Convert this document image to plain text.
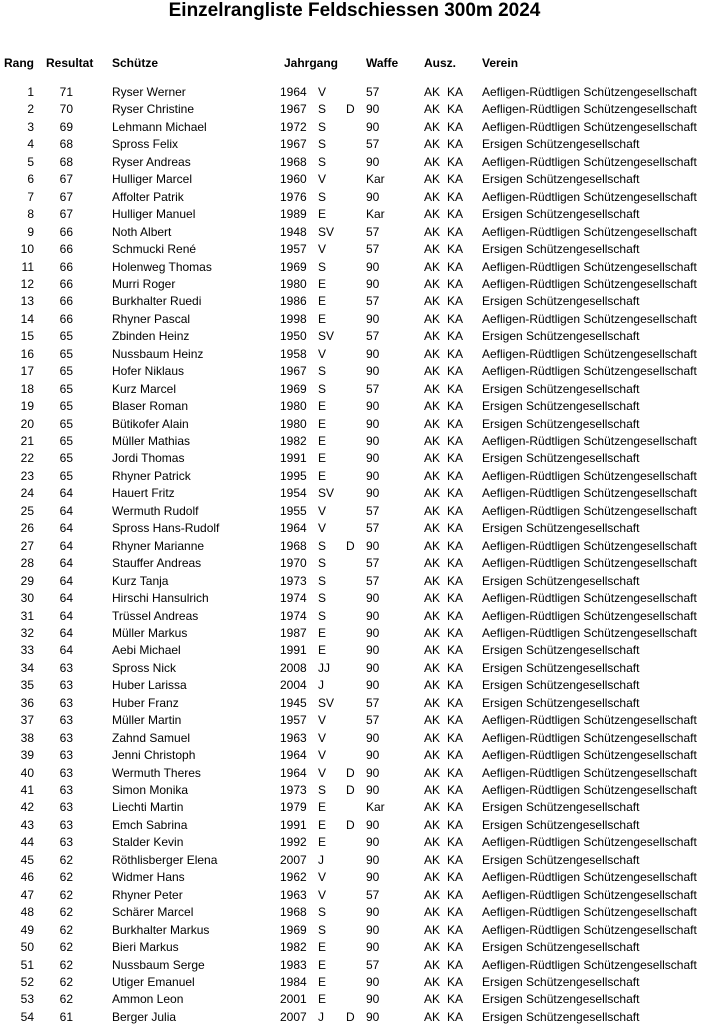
Einzelrangliste Feldschiessen 300m 2024
Rang Resultat Schütze	Jahrgang Waffe Ausz. Verein
1 71	Ryser Werner	1964 V	57	AK KA Aefligen-Rüdtligen Schützengesellschaft
2 70	Ryser Christine	1967 S D 90	AK KA Aefligen-Rüdtligen Schützengesellschaft
3 69	Lehmann Michael	1972 S	90	AK KA Aefligen-Rüdtligen Schützengesellschaft
4 68	Spross Felix	1967 S	57	AK KA Ersigen Schützengesellschaft
5 68	Ryser Andreas	1968 S	90	AK KA Aefligen-Rüdtligen Schützengesellschaft
6 67	Hulliger Marcel	1960 V	Kar	AK KA Ersigen Schützengesellschaft
7 67	Affolter Patrik	1976 S	90	AK KA Aefligen-Rüdtligen Schützengesellschaft
8 67	Hulliger Manuel	1989 E	Kar	AK KA Ersigen Schützengesellschaft
9 66	Noth Albert	1948 SV	57	AK KA Aefligen-Rüdtligen Schützengesellschaft
10 66	Schmucki René	1957 V	57	AK KA Ersigen Schützengesellschaft
11 66	Holenweg Thomas	1969 S	90	AK KA Aefligen-Rüdtligen Schützengesellschaft
12 66	Murri Roger	1980 E	90	AK KA Aefligen-Rüdtligen Schützengesellschaft
13 66	Burkhalter Ruedi	1986 E	57	AK KA Ersigen Schützengesellschaft
14 66	Rhyner Pascal	1998 E	90	AK KA Aefligen-Rüdtligen Schützengesellschaft
15 65	Zbinden Heinz	1950 SV	57	AK KA Ersigen Schützengesellschaft
16 65	Nussbaum Heinz	1958 V	90	AK KA Aefligen-Rüdtligen Schützengesellschaft
17 65	Hofer Niklaus	1967 S	90	AK KA Aefligen-Rüdtligen Schützengesellschaft
18 65	Kurz Marcel	1969 S	57	AK KA Ersigen Schützengesellschaft
19 65	Blaser Roman	1980 E	90	AK KA Ersigen Schützengesellschaft
20 65	Bütikofer Alain	1980 E	90	AK KA Ersigen Schützengesellschaft
21 65	Müller Mathias	1982 E	90	AK KA Aefligen-Rüdtligen Schützengesellschaft
22 65	Jordi Thomas	1991 E	90	AK KA Ersigen Schützengesellschaft
23 65	Rhyner Patrick	1995 E	90	AK KA Aefligen-Rüdtligen Schützengesellschaft
24 64	Hauert Fritz	1954 SV	90	AK KA Aefligen-Rüdtligen Schützengesellschaft
25 64	Wermuth Rudolf	1955 V	57	AK KA Aefligen-Rüdtligen Schützengesellschaft
26 64	Spross Hans-Rudolf	1964 V	57	AK KA Ersigen Schützengesellschaft
27 64	Rhyner Marianne	1968 S D 90	AK KA Aefligen-Rüdtligen Schützengesellschaft
28 64	Stauffer Andreas	1970 S	57	AK KA Aefligen-Rüdtligen Schützengesellschaft
29 64	Kurz Tanja	1973 S	57	AK KA Ersigen Schützengesellschaft
30 64	Hirschi Hansulrich	1974 S	90	AK KA Aefligen-Rüdtligen Schützengesellschaft
31 64	Trüssel Andreas	1974 S	90	AK KA Aefligen-Rüdtligen Schützengesellschaft
32 64	Müller Markus	1987 E	90	AK KA Aefligen-Rüdtligen Schützengesellschaft
33 64	Aebi Michael	1991 E	90	AK KA Ersigen Schützengesellschaft
34 63	Spross Nick	2008 JJ	90	AK KA Ersigen Schützengesellschaft
35 63	Huber Larissa	2004 J	90	AK KA Ersigen Schützengesellschaft
36 63	Huber Franz	1945 SV	57	AK KA Ersigen Schützengesellschaft
37 63	Müller Martin	1957 V	57	AK KA Aefligen-Rüdtligen Schützengesellschaft
38 63	Zahnd Samuel	1963 V	90	AK KA Aefligen-Rüdtligen Schützengesellschaft
39 63	Jenni Christoph	1964 V	90	AK KA Aefligen-Rüdtligen Schützengesellschaft
40 63	Wermuth Theres	1964 V D 90	AK KA Aefligen-Rüdtligen Schützengesellschaft
41 63	Simon Monika	1973 S D 90	AK KA Aefligen-Rüdtligen Schützengesellschaft
42 63	Liechti Martin	1979 E	Kar	AK KA Ersigen Schützengesellschaft
43 63	Emch Sabrina	1991 E D 90	AK KA Ersigen Schützengesellschaft
44 63	Stalder Kevin	1992 E	90	AK KA Aefligen-Rüdtligen Schützengesellschaft
45 62	Röthlisberger Elena	2007 J	90	AK KA Ersigen Schützengesellschaft
46 62	Widmer Hans	1962 V	90	AK KA Aefligen-Rüdtligen Schützengesellschaft
47 62	Rhyner Peter	1963 V	57	AK KA Aefligen-Rüdtligen Schützengesellschaft
48 62	Schärer Marcel	1968 S	90	AK KA Aefligen-Rüdtligen Schützengesellschaft
49 62	Burkhalter Markus	1969 S	90	AK KA Aefligen-Rüdtligen Schützengesellschaft
50 62	Bieri Markus	1982 E	90	AK KA Ersigen Schützengesellschaft
51 62	Nussbaum Serge	1983 E	57	AK KA Aefligen-Rüdtligen Schützengesellschaft
52 62	Utiger Emanuel	1984 E	90	AK KA Ersigen Schützengesellschaft
53 62	Ammon Leon	2001 E	90	AK KA Ersigen Schützengesellschaft
54 61	Berger Julia	2007 J D 90	AK KA Ersigen Schützengesellschaft
